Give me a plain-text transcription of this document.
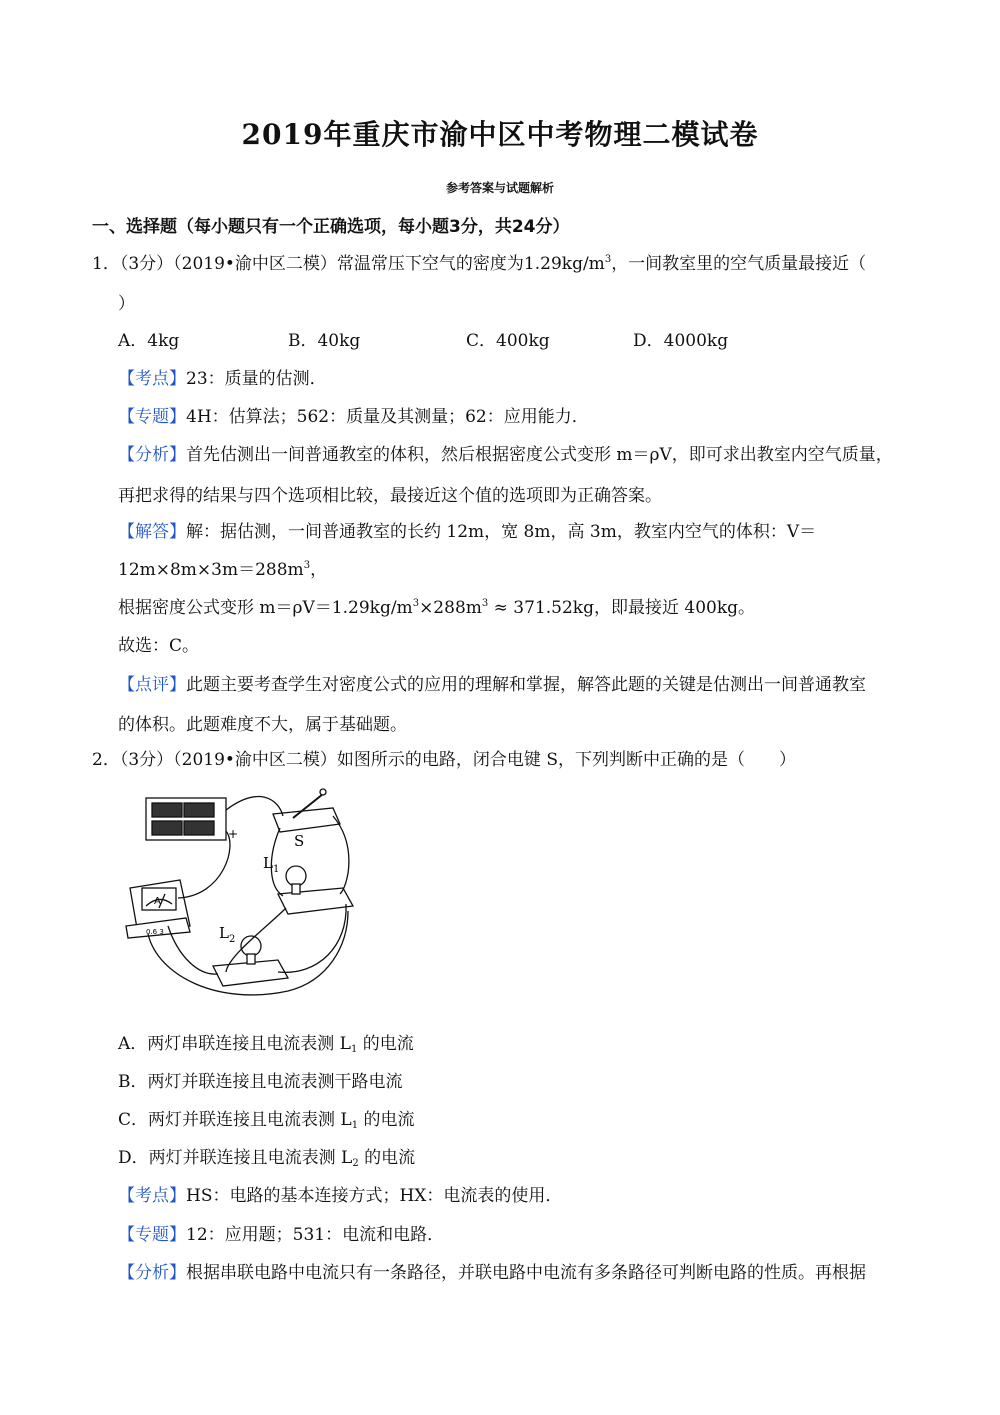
2019年重庆市渝中区中考物理二模试卷
参考答案与试题解析
一、选择题（每小题只有一个正确选项，每小题3分，共24分）
1．（3分）（2019•渝中区二模）常温常压下空气的密度为$1.29kg/m^3$，一间教室里的空气质量最接近（
）
A．4kg	B．40kg	C．400kg	D．4000kg
【考点】23：质量的估测．
【专题】4H：估算法；562：质量及其测量；62：应用能力．
【分析】首先估测出一间普通教室的体积，然后根据密度公式变形 m＝ρV，即可求出教室内空气质量，
再把求得的结果与四个选项相比较，最接近这个值的选项即为正确答案。
【解答】解：据估测，一间普通教室的长约 12m，宽 8m，高 3m，教室内空气的体积：V＝
$12m\times 8m\times 3m=288m^3$，
根据密度公式变形 $m=\rho V=1.29kg/m^3\times 288m^3 \approx 371.52kg$，即最接近 400kg。
故选：C。
【点评】此题主要考查学生对密度公式的应用的理解和掌握，解答此题的关键是估测出一间普通教室
的体积。此题难度不大，属于基础题。
2．（3分）（2019•渝中区二模）如图所示的电路，闭合电键 S，下列判断中正确的是（　　）
+	S
$L_1$
$L_2$
A
0.6 3
A．两灯串联连接且电流表测 $L_1$ 的电流
B．两灯并联连接且电流表测干路电流
C．两灯并联连接且电流表测 $L_1$ 的电流
D．两灯并联连接且电流表测 $L_2$ 的电流
【考点】HS：电路的基本连接方式；HX：电流表的使用．
【专题】12：应用题；531：电流和电路．
【分析】根据串联电路中电流只有一条路径，并联电路中电流有多条路径可判断电路的性质。再根据
